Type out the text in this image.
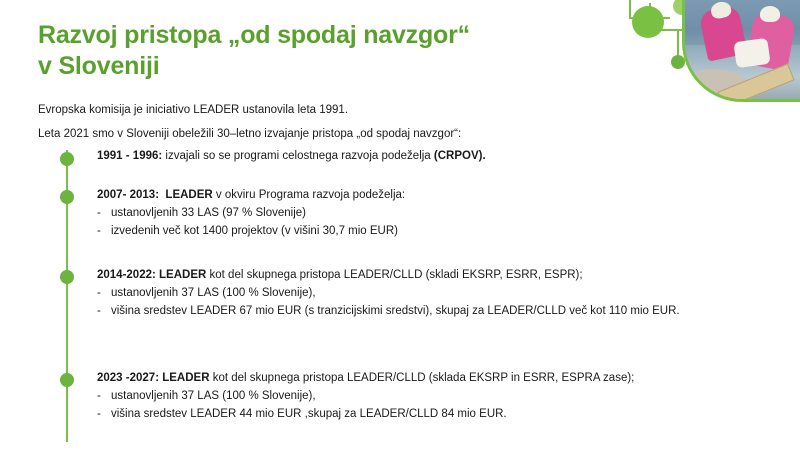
Razvoj pristopa „od spodaj navzgor“
v Sloveniji
Evropska komisija je iniciativo LEADER ustanovila leta 1991.
Leta 2021 smo v Sloveniji obeležili 30–letno izvajanje pristopa „od spodaj navzgor“:
1991 - 1996: izvajali so se programi celostnega razvoja podeželja (CRPOV).
2007- 2013: LEADER v okviru Programa razvoja podeželja:
- ustanovljenih 33 LAS (97 % Slovenije)
- izvedenih več kot 1400 projektov (v višini 30,7 mio EUR)
2014-2022: LEADER kot del skupnega pristopa LEADER/CLLD (skladi EKSRP, ESRR, ESPR);
- ustanovljenih 37 LAS (100 % Slovenije),
- višina sredstev LEADER 67 mio EUR (s tranzicijskimi sredstvi), skupaj za LEADER/CLLD več kot 110 mio EUR.
2023 -2027: LEADER kot del skupnega pristopa LEADER/CLLD (sklada EKSRP in ESRR, ESPRA zase);
- ustanovljenih 37 LAS (100 % Slovenije),
- višina sredstev LEADER 44 mio EUR ,skupaj za LEADER/CLLD 84 mio EUR.
